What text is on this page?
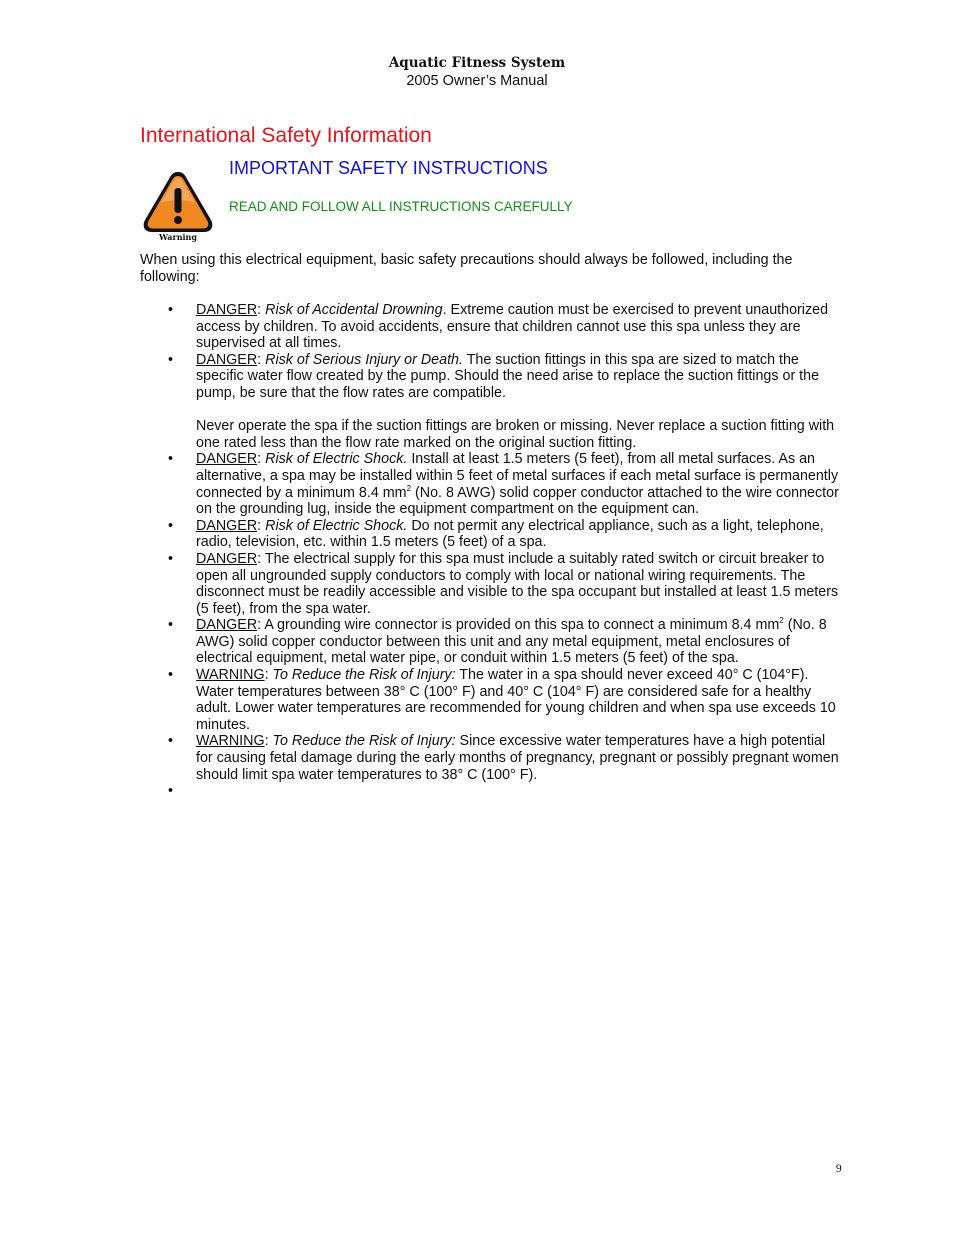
Aquatic Fitness System
2005 Owner’s Manual
International Safety Information
Warning
IMPORTANT SAFETY INSTRUCTIONS
READ AND FOLLOW ALL INSTRUCTIONS CAREFULLY

When using this electrical equipment, basic safety precautions should always be followed, including the following:

• DANGER: Risk of Accidental Drowning. Extreme caution must be exercised to prevent unauthorized access by children. To avoid accidents, ensure that children cannot use this spa unless they are supervised at all times.
• DANGER: Risk of Serious Injury or Death. The suction fittings in this spa are sized to match the specific water flow created by the pump. Should the need arise to replace the suction fittings or the pump, be sure that the flow rates are compatible.
Never operate the spa if the suction fittings are broken or missing. Never replace a suction fitting with one rated less than the flow rate marked on the original suction fitting.
• DANGER: Risk of Electric Shock. Install at least 1.5 meters (5 feet), from all metal surfaces. As an alternative, a spa may be installed within 5 feet of metal surfaces if each metal surface is permanently connected by a minimum 8.4 $mm^2$ (No. 8 AWG) solid copper conductor attached to the wire connector on the grounding lug, inside the equipment compartment on the equipment can.
• DANGER: Risk of Electric Shock. Do not permit any electrical appliance, such as a light, telephone, radio, television, etc. within 1.5 meters (5 feet) of a spa.
• DANGER: The electrical supply for this spa must include a suitably rated switch or circuit breaker to open all ungrounded supply conductors to comply with local or national wiring requirements. The disconnect must be readily accessible and visible to the spa occupant but installed at least 1.5 meters (5 feet), from the spa water.
• DANGER: A grounding wire connector is provided on this spa to connect a minimum 8.4 $mm^2$ (No. 8 AWG) solid copper conductor between this unit and any metal equipment, metal enclosures of electrical equipment, metal water pipe, or conduit within 1.5 meters (5 feet) of the spa.
• WARNING: To Reduce the Risk of Injury: The water in a spa should never exceed 40° C (104°F). Water temperatures between 38° C (100° F) and 40° C (104° F) are considered safe for a healthy adult. Lower water temperatures are recommended for young children and when spa use exceeds 10 minutes.
• WARNING: To Reduce the Risk of Injury: Since excessive water temperatures have a high potential for causing fetal damage during the early months of pregnancy, pregnant or possibly pregnant women should limit spa water temperatures to 38° C (100° F).
•
9
